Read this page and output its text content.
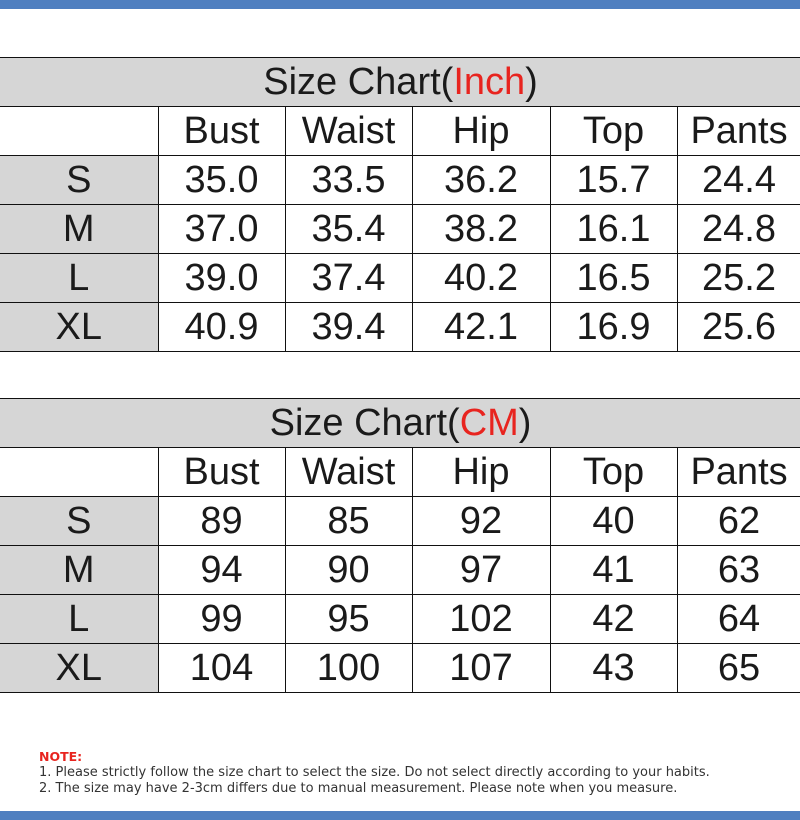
Size Chart(Inch)					
	Bust	Waist	Hip	Top	Pants
S	35.0	33.5	36.2	15.7	24.4
M	37.0	35.4	38.2	16.1	24.8
L	39.0	37.4	40.2	16.5	25.2
XL	40.9	39.4	42.1	16.9	25.6
Size Chart(CM)					
	Bust	Waist	Hip	Top	Pants
S	89	85	92	40	62
M	94	90	97	41	63
L	99	95	102	42	64
XL	104	100	107	43	65
NOTE:
1. Please strictly follow the size chart to select the size. Do not select directly according to your habits.
2. The size may have 2-3cm differs due to manual measurement. Please note when you measure.
